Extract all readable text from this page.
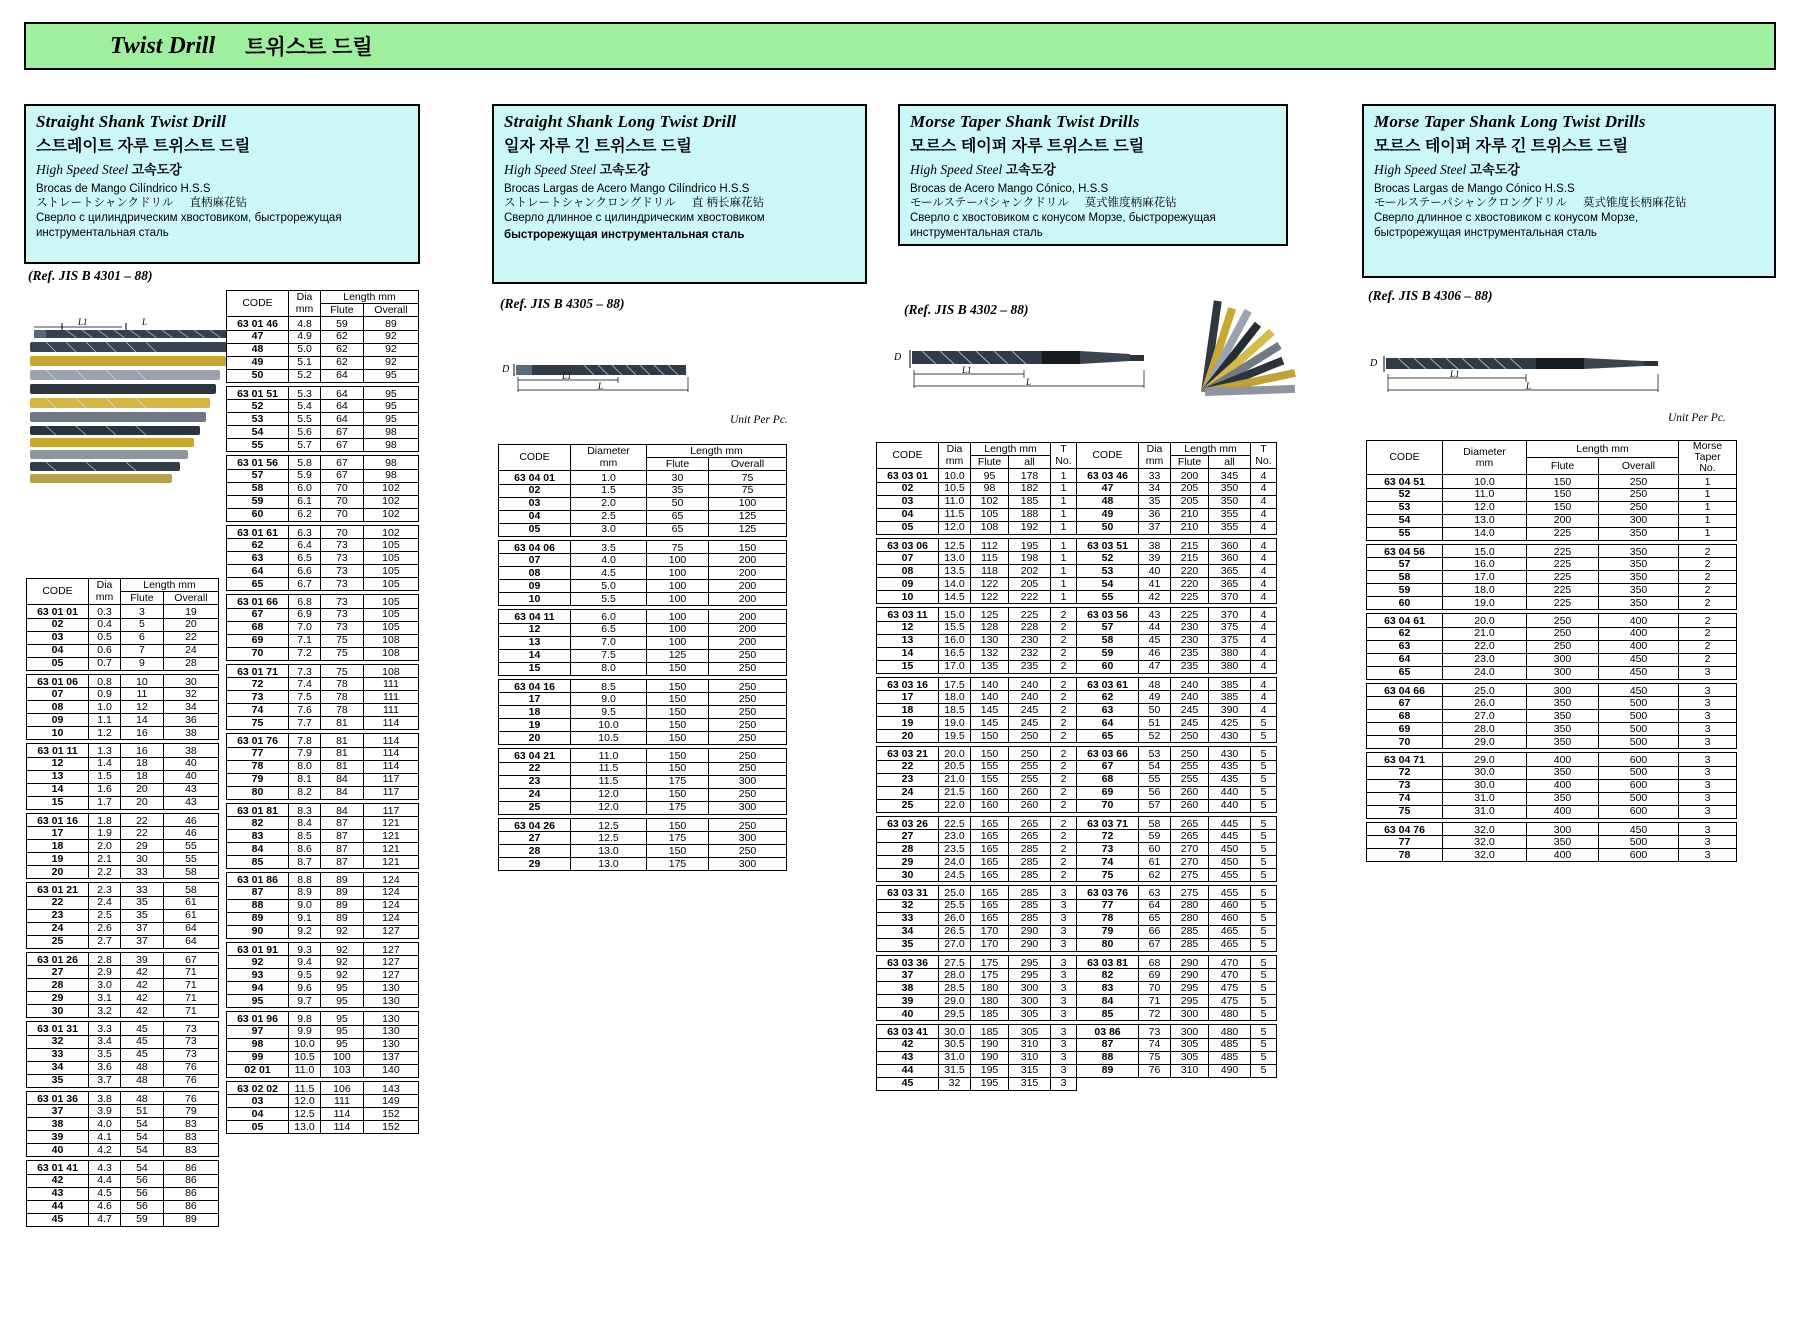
Twist Drill 트위스트 드릴
Straight Shank Twist Drill
스트레이트 자루 트위스트 드릴
High Speed Steel 고속도강
Brocas de Mango Cilíndrico H.S.S
ストレートシャンクドリル 直柄麻花钻
Сверло с цилиндрическим хвостовиком, быстрорежущая инструментальная сталь
(Ref. JIS B 4301 – 88)
Straight Shank Long Twist Drill
일자 자루 긴 트위스트 드릴
High Speed Steel 고속도강
Brocas Largas de Acero Mango Cilíndrico H.S.S
ストレートシャンクロングドリル 直 柄长麻花钻
Сверло длинное с цилиндрическим хвостовиком
быстрорежущая инструментальная сталь
(Ref. JIS B 4305 – 88)
Morse Taper Shank Twist Drills
모르스 테이퍼 자루 트위스트 드릴
High Speed Steel 고속도강
Brocas de Acero Mango Cónico, H.S.S
モールステーパシャンクドリル 莫式锥度柄麻花钻
Сверло с хвостовиком с конусом Морзе, быстрорежущая инструментальная сталь
(Ref. JIS B 4302 – 88)
Morse Taper Shank Long Twist Drills
모르스 테이퍼 자루 긴 트위스트 드릴
High Speed Steel 고속도강
Brocas Largas de Mango Cónico H.S.S
モールステーパシャンクロングドリル 莫式锥度长柄麻花钻
Сверло длинное с хвостовиком с конусом Морзе,
быстрорежущая инструментальная сталь
(Ref. JIS B 4306 – 88)
L1	L
CODE	Dia
mm	Length mm	
		Flute	Overall
63 01 01	0.3	3	19
02	0.4	5	20
03	0.5	6	22
04	0.6	7	24
05	0.7	9	28

63 01 06	0.8	10	30
07	0.9	11	32
08	1.0	12	34
09	1.1	14	36
10	1.2	16	38

63 01 11	1.3	16	38
12	1.4	18	40
13	1.5	18	40
14	1.6	20	43
15	1.7	20	43

63 01 16	1.8	22	46
17	1.9	22	46
18	2.0	29	55
19	2.1	30	55
20	2.2	33	58

63 01 21	2.3	33	58
22	2.4	35	61
23	2.5	35	61
24	2.6	37	64
25	2.7	37	64

63 01 26	2.8	39	67
27	2.9	42	71
28	3.0	42	71
29	3.1	42	71
30	3.2	42	71

63 01 31	3.3	45	73
32	3.4	45	73
33	3.5	45	73
34	3.6	48	76
35	3.7	48	76

63 01 36	3.8	48	76
37	3.9	51	79
38	4.0	54	83
39	4.1	54	83
40	4.2	54	83

63 01 41	4.3	54	86
42	4.4	56	86
43	4.5	56	86
44	4.6	56	86
45	4.7	59	89
CODE	Dia
mm	Length mm	
		Flute	Overall
63 01 46	4.8	59	89
47	4.9	62	92
48	5.0	62	92
49	5.1	62	92
50	5.2	64	95

63 01 51	5.3	64	95
52	5.4	64	95
53	5.5	64	95
54	5.6	67	98
55	5.7	67	98

63 01 56	5.8	67	98
57	5.9	67	98
58	6.0	70	102
59	6.1	70	102
60	6.2	70	102

63 01 61	6.3	70	102
62	6.4	73	105
63	6.5	73	105
64	6.6	73	105
65	6.7	73	105

63 01 66	6.8	73	105
67	6.9	73	105
68	7.0	73	105
69	7.1	75	108
70	7.2	75	108

63 01 71	7.3	75	108
72	7.4	78	111
73	7.5	78	111
74	7.6	78	111
75	7.7	81	114

63 01 76	7.8	81	114
77	7.9	81	114
78	8.0	81	114
79	8.1	84	117
80	8.2	84	117

63 01 81	8.3	84	117
82	8.4	87	121
83	8.5	87	121
84	8.6	87	121
85	8.7	87	121

63 01 86	8.8	89	124
87	8.9	89	124
88	9.0	89	124
89	9.1	89	124
90	9.2	92	127

63 01 91	9.3	92	127
92	9.4	92	127
93	9.5	92	127
94	9.6	95	130
95	9.7	95	130

63 01 96	9.8	95	130
97	9.9	95	130
98	10.0	95	130
99	10.5	100	137
02 01	11.0	103	140

63 02 02	11.5	106	143
03	12.0	111	149
04	12.5	114	152
05	13.0	114	152
D
L1
L
Unit Per Pc.
CODE	Diameter
mm	Length mm	
		Flute	Overall
63 04 01	1.0	30	75
02	1.5	35	75
03	2.0	50	100
04	2.5	65	125
05	3.0	65	125

63 04 06	3.5	75	150
07	4.0	100	200
08	4.5	100	200
09	5.0	100	200
10	5.5	100	200

63 04 11	6.0	100	200
12	6.5	100	200
13	7.0	100	200
14	7.5	125	250
15	8.0	150	250

63 04 16	8.5	150	250
17	9.0	150	250
18	9.5	150	250
19	10.0	150	250
20	10.5	150	250

63 04 21	11.0	150	250
22	11.5	150	250
23	11.5	175	300
24	12.0	150	250
25	12.0	175	300

63 04 26	12.5	150	250
27	12.5	175	300
28	13.0	150	250
29	13.0	175	300
D
L1
L
CODE	Dia
mm	Length mm		T
No.
		Flute	all	
63 03 01	10.0	95	178	1
02	10.5	98	182	1
03	11.0	102	185	1
04	11.5	105	188	1
05	12.0	108	192	1

63 03 06	12.5	112	195	1
07	13.0	115	198	1
08	13.5	118	202	1
09	14.0	122	205	1
10	14.5	122	222	1

63 03 11	15.0	125	225	2
12	15.5	128	228	2
13	16.0	130	230	2
14	16.5	132	232	2
15	17.0	135	235	2

63 03 16	17.5	140	240	2
17	18.0	140	240	2
18	18.5	145	245	2
19	19.0	145	245	2
20	19.5	150	250	2

63 03 21	20.0	150	250	2
22	20.5	155	255	2
23	21.0	155	255	2
24	21.5	160	260	2
25	22.0	160	260	2

63 03 26	22.5	165	265	2
27	23.0	165	265	2
28	23.5	165	285	2
29	24.0	165	285	2
30	24.5	165	285	2

63 03 31	25.0	165	285	3
32	25.5	165	285	3
33	26.0	165	285	3
34	26.5	170	290	3
35	27.0	170	290	3

63 03 36	27.5	175	295	3
37	28.0	175	295	3
38	28.5	180	300	3
39	29.0	180	300	3
40	29.5	185	305	3

63 03 41	30.0	185	305	3
42	30.5	190	310	3
43	31.0	190	310	3
44	31.5	195	315	3
45	32	195	315	3
CODE	Dia
mm	Length mm		T
No.
		Flute	all	
63 03 46	33	200	345	4
47	34	205	350	4
48	35	205	350	4
49	36	210	355	4
50	37	210	355	4

63 03 51	38	215	360	4
52	39	215	360	4
53	40	220	365	4
54	41	220	365	4
55	42	225	370	4

63 03 56	43	225	370	4
57	44	230	375	4
58	45	230	375	4
59	46	235	380	4
60	47	235	380	4

63 03 61	48	240	385	4
62	49	240	385	4
63	50	245	390	4
64	51	245	425	5
65	52	250	430	5

63 03 66	53	250	430	5
67	54	255	435	5
68	55	255	435	5
69	56	260	440	5
70	57	260	440	5

63 03 71	58	265	445	5
72	59	265	445	5
73	60	270	450	5
74	61	270	450	5
75	62	275	455	5

63 03 76	63	275	455	5
77	64	280	460	5
78	65	280	460	5
79	66	285	465	5
80	67	285	465	5

63 03 81	68	290	470	5
82	69	290	470	5
83	70	295	475	5
84	71	295	475	5
85	72	300	480	5

03 86	73	300	480	5
87	74	305	485	5
88	75	305	485	5
89	76	310	490	5
D
L1
L
Unit Per Pc.
CODE	Diameter
mm	Length mm		Morse
Taper
No.
		Flute	Overall	
63 04 51	10.0	150	250	1
52	11.0	150	250	1
53	12.0	150	250	1
54	13.0	200	300	1
55	14.0	225	350	1

63 04 56	15.0	225	350	2
57	16.0	225	350	2
58	17.0	225	350	2
59	18.0	225	350	2
60	19.0	225	350	2

63 04 61	20.0	250	400	2
62	21.0	250	400	2
63	22.0	250	400	2
64	23.0	300	450	2
65	24.0	300	450	3

63 04 66	25.0	300	450	3
67	26.0	350	500	3
68	27.0	350	500	3
69	28.0	350	500	3
70	29.0	350	500	3

63 04 71	29.0	400	600	3
72	30.0	350	500	3
73	30.0	400	600	3
74	31.0	350	500	3
75	31.0	400	600	3

63 04 76	32.0	300	450	3
77	32.0	350	500	3
78	32.0	400	600	3
